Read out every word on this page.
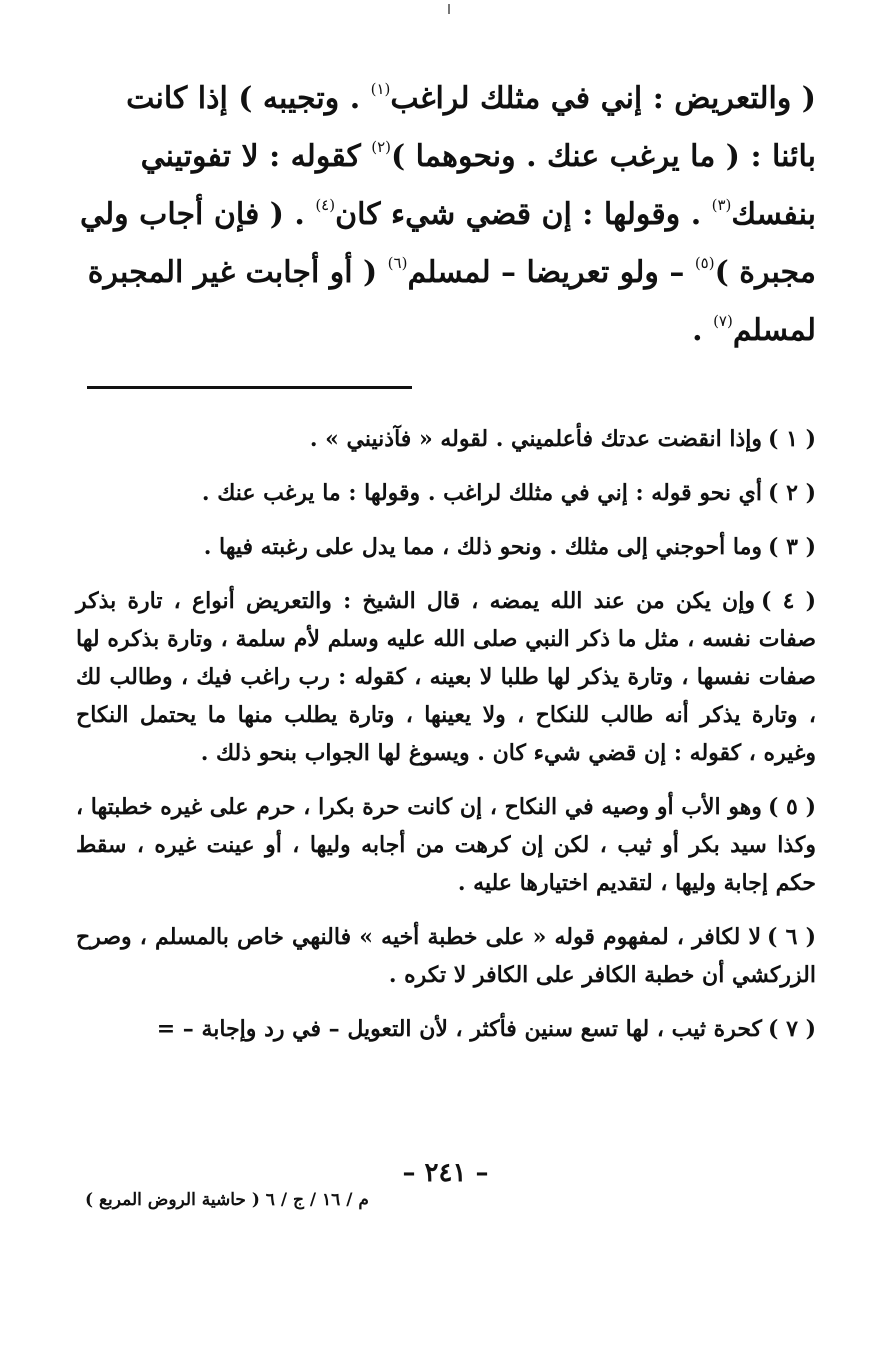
( والتعريض : إني في مثلك لراغب$^{(١)}$ . وتجيبه ) إذا كانت
بائنا : ( ما يرغب عنك . ونحوهما )$^{(٢)}$ كقوله : لا تفوتيني
بنفسك$^{(٣)}$ . وقولها : إن قضي شيء كان$^{(٤)}$ . ( فإن أجاب ولي
مجبرة )$^{(٥)}$ – ولو تعريضا – لمسلم$^{(٦)}$ ( أو أجابت غير المجبرة
لمسلم$^{(٧)}$ .

( ١ )وإذا انقضت عدتك فأعلميني . لقوله « فآذنيني » .

( ٢ )أي نحو قوله : إني في مثلك لراغب . وقولها : ما يرغب عنك .

( ٣ )وما أحوجني إلى مثلك . ونحو ذلك ، مما يدل على رغبته فيها .

( ٤ )وإن يكن من عند الله يمضه ، قال الشيخ : والتعريض أنواع ، تارة بذكر صفات نفسه ، مثل ما ذكر النبي صلى الله عليه وسلم لأم سلمة ، وتارة بذكره لها صفات نفسها ، وتارة يذكر لها طلبا لا بعينه ، كقوله : رب راغب فيك ، وطالب لك ، وتارة يذكر أنه طالب للنكاح ، ولا يعينها ، وتارة يطلب منها ما يحتمل النكاح وغيره ، كقوله : إن قضي شيء كان . ويسوغ لها الجواب بنحو ذلك .

( ٥ )وهو الأب أو وصيه في النكاح ، إن كانت حرة بكرا ، حرم على غيره خطبتها ، وكذا سيد بكر أو ثيب ، لكن إن كرهت من أجابه وليها ، أو عينت غيره ، سقط حكم إجابة وليها ، لتقديم اختيارها عليه .

( ٦ )لا لكافر ، لمفهوم قوله « على خطبة أخيه » فالنهي خاص بالمسلم ، وصرح الزركشي أن خطبة الكافر على الكافر لا تكره .

( ٧ )كحرة ثيب ، لها تسع سنين فأكثر ، لأن التعويل – في رد وإجابة – =

– ٢٤١ –
م / ١٦ / ج / ٦ ( حاشية الروض المربع )
